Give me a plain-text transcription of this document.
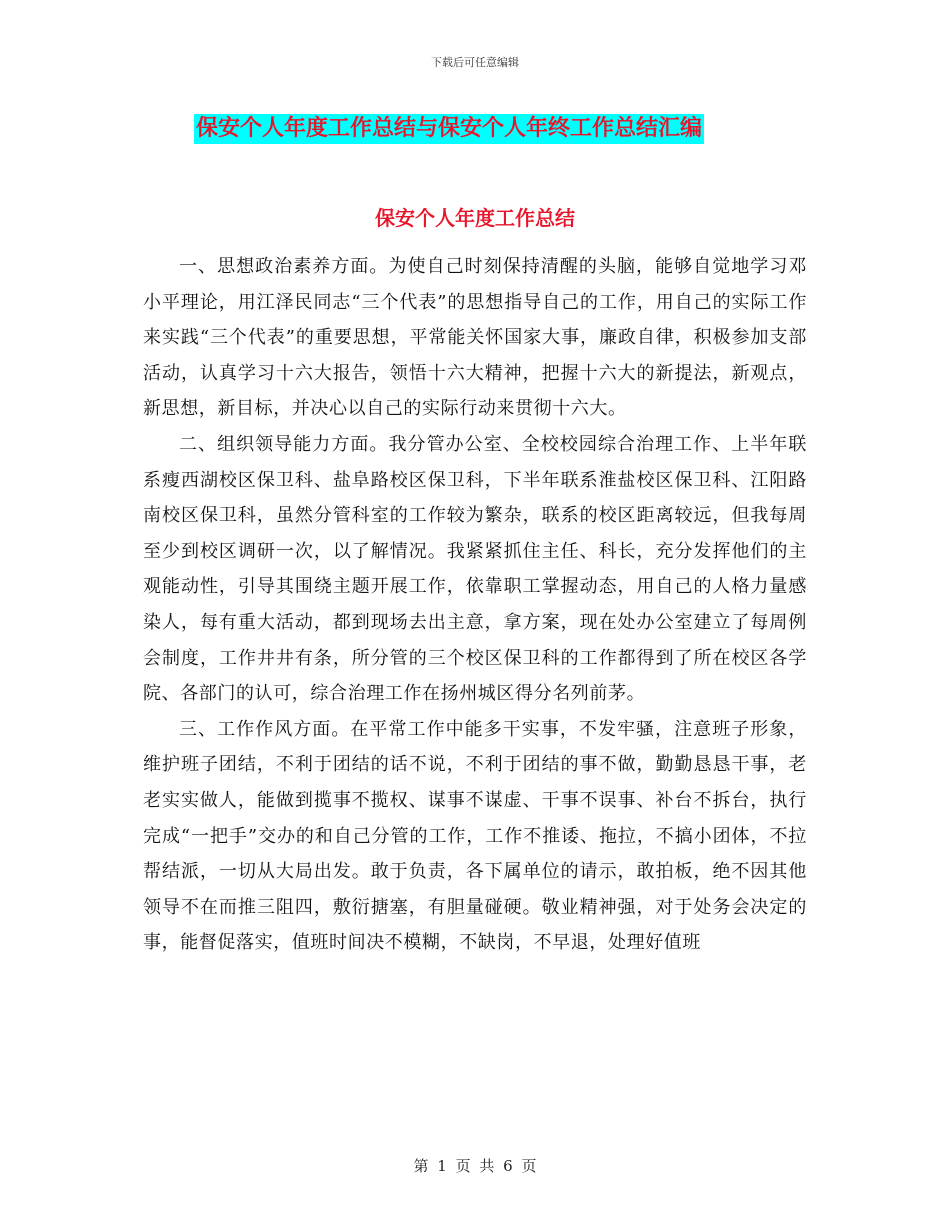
下载后可任意编辑
保安个人年度工作总结与保安个人年终工作总结汇编
保安个人年度工作总结

一、思想政治素养方面。为使自己时刻保持清醒的头脑，能够自觉地学习邓小平理论，用江泽民同志“三个代表”的思想指导自己的工作，用自己的实际工作来实践“三个代表”的重要思想，平常能关怀国家大事，廉政自律，积极参加支部活动，认真学习十六大报告，领悟十六大精神，把握十六大的新提法，新观点，新思想，新目标，并决心以自己的实际行动来贯彻十六大。

二、组织领导能力方面。我分管办公室、全校校园综合治理工作、上半年联系瘦西湖校区保卫科、盐阜路校区保卫科，下半年联系淮盐校区保卫科、江阳路南校区保卫科，虽然分管科室的工作较为繁杂，联系的校区距离较远，但我每周至少到校区调研一次，以了解情况。我紧紧抓住主任、科长，充分发挥他们的主观能动性，引导其围绕主题开展工作，依靠职工掌握动态，用自己的人格力量感染人，每有重大活动，都到现场去出主意，拿方案，现在处办公室建立了每周例会制度，工作井井有条，所分管的三个校区保卫科的工作都得到了所在校区各学院、各部门的认可，综合治理工作在扬州城区得分名列前茅。

三、工作作风方面。在平常工作中能多干实事，不发牢骚，注意班子形象，维护班子团结，不利于团结的话不说，不利于团结的事不做，勤勤恳恳干事，老老实实做人，能做到揽事不揽权、谋事不谋虚、干事不误事、补台不拆台，执行完成“一把手”交办的和自己分管的工作，工作不推诿、拖拉，不搞小团体，不拉帮结派，一切从大局出发。敢于负责，各下属单位的请示，敢拍板，绝不因其他领导不在而推三阻四，敷衍搪塞，有胆量碰硬。敬业精神强，对于处务会决定的事，能督促落实，值班时间决不模糊，不缺岗，不早退，处理好值班

第 1 页 共 6 页
